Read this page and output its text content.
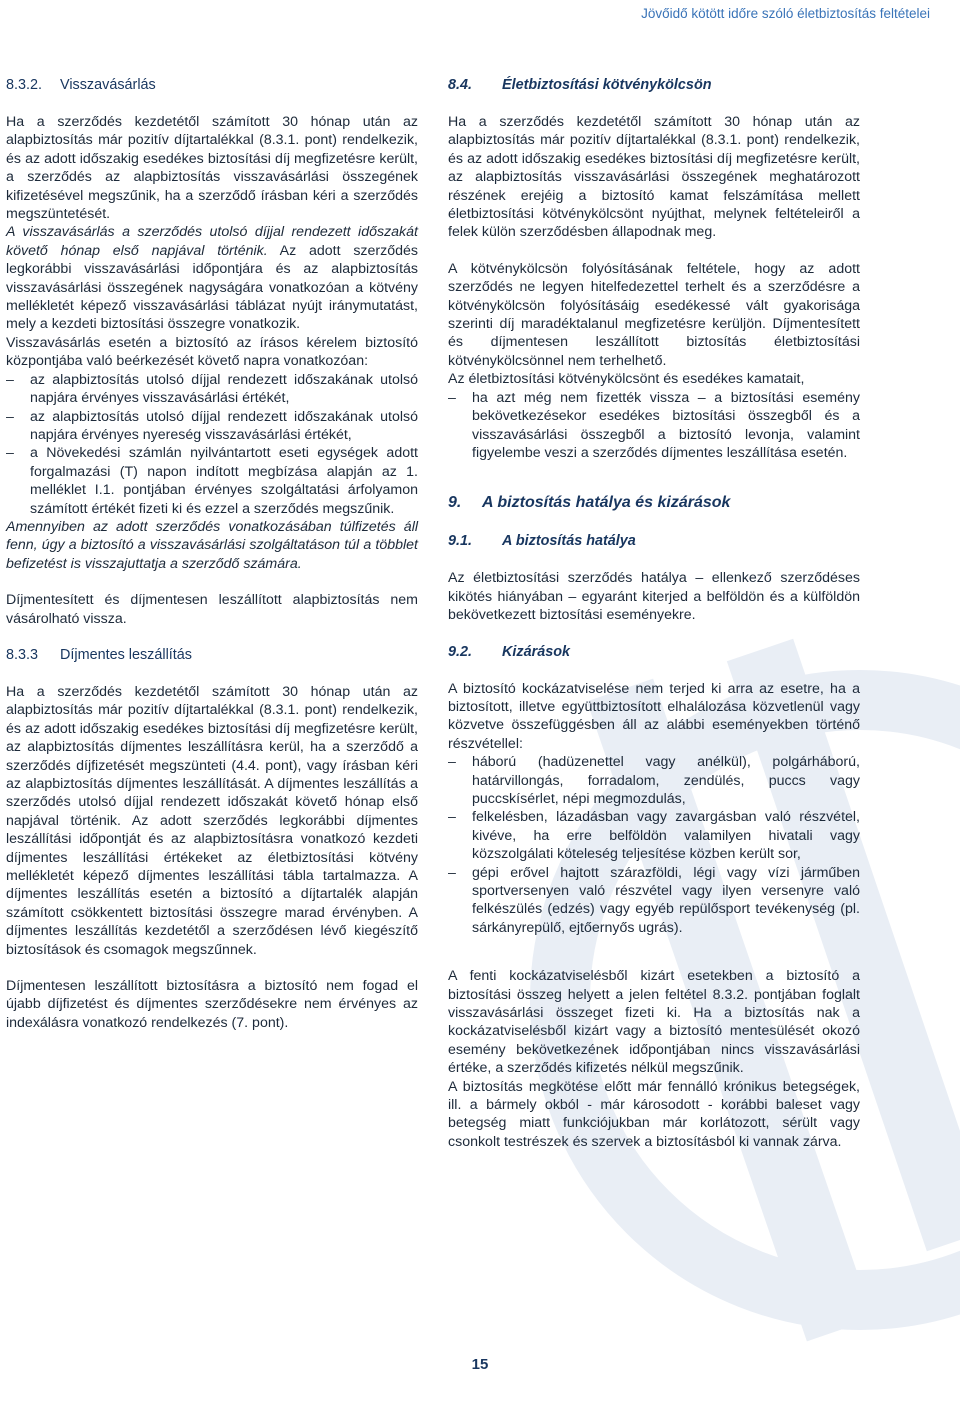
Jövőidő kötött időre szóló életbiztosítás feltételei
8.3.2.	Visszavásárlás

Ha a szerződés kezdetétől számított 30 hónap után az alapbiztosítás már pozitív díjtartalékkal (8.3.1. pont) rendelkezik, és az adott időszakig esedékes biztosítási díj megfizetésre került, a szerződés az alapbiztosítás visszavásárlási összegének kifizetésével megszűnik, ha a szerződő írásban kéri a szerződés megszüntetését.

A visszavásárlás a szerződés utolsó díjjal rendezett időszakát követő hónap első napjával történik. Az adott szerződés legkorábbi visszavásárlási időpontjára és az alapbiztosítás visszavásárlási összegének nagyságára vonatkozóan a kötvény mellékletét képező visszavásárlási táblázat nyújt iránymutatást, mely a kezdeti biztosítási összegre vonatkozik.

Visszavásárlás esetén a biztosító az írásos kérelem biztosító központjába való beérkezését követő napra vonatkozóan:

– az alapbiztosítás utolsó díjjal rendezett időszakának utolsó napjára érvényes visszavásárlási értékét,
– az alapbiztosítás utolsó díjjal rendezett időszakának utolsó napjára érvényes nyereség visszavásárlási értékét,
– a Növekedési számlán nyilvántartott eseti egységek adott forgalmazási (T) napon indított megbízása alapján az 1. melléklet I.1. pontjában érvényes szolgáltatási árfolyamon számított értékét fizeti ki és ezzel a szerződés megszűnik.

Amennyiben az adott szerződés vonatkozásában túlfizetés áll fenn, úgy a biztosító a visszavásárlási szolgáltatáson túl a többlet befizetést is visszajuttatja a szerződő számára.

Díjmentesített és díjmentesen leszállított alapbiztosítás nem vásárolható vissza.

8.3.3	Díjmentes leszállítás

Ha a szerződés kezdetétől számított 30 hónap után az alapbiztosítás már pozitív díjtartalékkal (8.3.1. pont) rendelkezik, és az adott időszakig esedékes biztosítási díj megfizetésre került, az alapbiztosítás díjmentes leszállításra kerül, ha a szerződő a szerződés díjfizetését megszünteti (4.4. pont), vagy írásban kéri az alapbiztosítás díjmentes leszállítását. A díjmentes leszállítás a szerződés utolsó díjjal rendezett időszakát követő hónap első napjával történik. Az adott szerződés legkorábbi díjmentes leszállítási időpontját és az alapbiztosításra vonatkozó kezdeti díjmentes leszállítási értékeket az életbiztosítási kötvény mellékletét képező díjmentes leszállítási tábla tartalmazza. A díjmentes leszállítás esetén a biztosító a díjtartalék alapján számított csökkentett biztosítási összegre marad érvényben. A díjmentes leszállítás kezdetétől a szerződésen lévő kiegészítő biztosítások és csomagok megszűnnek.

Díjmentesen leszállított biztosításra a biztosító nem fogad el újabb díjfizetést és díjmentes szerződésekre nem érvényes az indexálásra vonatkozó rendelkezés (7. pont).

8.4.	Életbiztosítási kötvénykölcsön

Ha a szerződés kezdetétől számított 30 hónap után az alapbiztosítás már pozitív díjtartalékkal (8.3.1. pont) rendelkezik, és az adott időszakig esedékes biztosítási díj megfizetésre került, az alapbiztosítás visszavásárlási összegének meghatározott részének erejéig a biztosító kamat felszámítása mellett életbiztosítási kötvénykölcsönt nyújthat, melynek feltételeiről a felek külön szerződésben állapodnak meg.

A kötvénykölcsön folyósításának feltétele, hogy az adott szerződés ne legyen hitelfedezettel terhelt és a szerződésre a kötvénykölcsön folyósításáig esedékessé vált gyakorisága szerinti díj maradéktalanul megfizetésre kerüljön. Díjmentesített és díjmentesen leszállított biztosítás életbiztosítási kötvénykölcsönnel nem terhelhető.

Az életbiztosítási kötvénykölcsönt és esedékes kamatait,

– ha azt még nem fizették vissza – a biztosítási esemény bekövetkezésekor esedékes biztosítási összegből és a visszavásárlási összegből a biztosító levonja, valamint figyelembe veszi a szerződés díjmentes leszállítása esetén.
9.	A biztosítás hatálya és kizárások
9.1.	A biztosítás hatálya

Az életbiztosítási szerződés hatálya – ellenkező szerződéses kikötés hiányában – egyaránt kiterjed a belföldön és a külföldön bekövetkezett biztosítási eseményekre.

9.2.	Kizárások

A biztosító kockázatviselése nem terjed ki arra az esetre, ha a biztosított, illetve együttbiztosított elhalálozása közvetlenül vagy közvetve összefüggésben áll az alábbi eseményekben történő részvétellel:

– háború (hadüzenettel vagy anélkül), polgárháború, határvillongás, forradalom, zendülés, puccs vagy puccskísérlet, népi megmozdulás,
– felkelésben, lázadásban vagy zavargásban való részvétel, kivéve, ha erre belföldön valamilyen hivatali vagy közszolgálati köteleség teljesítése közben került sor,
– gépi erővel hajtott szárazföldi, légi vagy vízi járműben sportversenyen való részvétel vagy ilyen versenyre való felkészülés (edzés) vagy egyéb repülősport tevékenység (pl. sárkányrepülő, ejtőernyős ugrás).

A fenti kockázatviselésből kizárt esetekben a biztosító a biztosítási összeg helyett a jelen feltétel 8.3.2. pontjában foglalt visszavásárlási összeget fizeti ki. Ha a biztosítás nak a kockázatviselésből kizárt vagy a biztosító mentesülését okozó esemény bekövetkezének időpontjában nincs visszavásárlási értéke, a szerződés kifizetés nélkül megszűnik.

A biztosítás megkötése előtt már fennálló krónikus betegségek, ill. a bármely okból - már károsodott - korábbi baleset vagy betegség miatt funkciójukban már korlátozott, sérült vagy csonkolt testrészek és szervek a biztosításból ki vannak zárva.

15
